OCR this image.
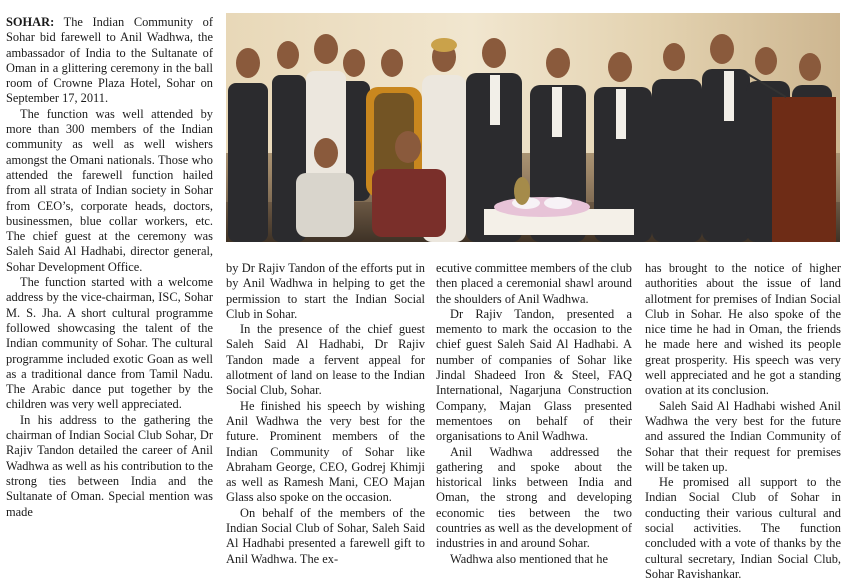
SOHAR: The Indian Community of Sohar bid farewell to Anil Wadhwa, the ambassador of India to the Sultanate of Oman in a glittering ceremony in the ball room of Crowne Plaza Hotel, Sohar on September 17, 2011.

The function was well attended by more than 300 members of the Indian community as well as well wishers amongst the Omani nationals. Those who attended the farewell function hailed from all strata of Indian society in Sohar from CEO’s, corporate heads, doctors, businessmen, blue collar workers, etc. The chief guest at the ceremony was Saleh Said Al Hadhabi, director general, Sohar Development Office.

The function started with a welcome address by the vice-chairman, ISC, Sohar M. S. Jha. A short cultural programme followed showcasing the talent of the Indian community of Sohar. The cultural programme included exotic Goan as well as a traditional dance from Tamil Nadu. The Arabic dance put together by the children was very well appreciated.

In his address to the gathering the chairman of Indian Social Club Sohar, Dr Rajiv Tandon detailed the career of Anil Wadhwa as well as his contribution to the strong ties between India and the Sultanate of Oman. Special mention was made

by Dr Rajiv Tandon of the efforts put in by Anil Wadhwa in helping to get the permission to start the Indian Social Club in Sohar.

In the presence of the chief guest Saleh Said Al Hadhabi, Dr Rajiv Tandon made a fervent appeal for allotment of land on lease to the Indian Social Club, Sohar.

He finished his speech by wishing Anil Wadhwa the very best for the future. Prominent members of the Indian Community of Sohar like Abraham George, CEO, Godrej Khimji as well as Ramesh Mani, CEO Majan Glass also spoke on the occasion.

On behalf of the members of the Indian Social Club of Sohar, Saleh Said Al Hadhabi presented a farewell gift to Anil Wadhwa. The ex-

ecutive committee members of the club then placed a ceremonial shawl around the shoulders of Anil Wadhwa.

Dr Rajiv Tandon, presented a memento to mark the occasion to the chief guest Saleh Said Al Hadhabi. A number of companies of Sohar like Jindal Shadeed Iron & Steel, FAQ International, Nagarjuna Construction Company, Majan Glass presented mementoes on behalf of their organisations to Anil Wadhwa.

Anil Wadhwa addressed the gathering and spoke about the historical links between India and Oman, the strong and developing economic ties between the two countries as well as the development of industries in and around Sohar.

Wadhwa also mentioned that he

has brought to the notice of higher authorities about the issue of land allotment for premises of Indian Social Club in Sohar. He also spoke of the nice time he had in Oman, the friends he made here and wished its people great prosperity. His speech was very well appreciated and he got a standing ovation at its conclusion.

Saleh Said Al Hadhabi wished Anil Wadhwa the very best for the future and assured the Indian Community of Sohar that their request for premises will be taken up.

He promised all support to the Indian Social Club of Sohar in conducting their various cultural and social activities. The function concluded with a vote of thanks by the cultural secretary, Indian Social Club, Sohar Ravishankar.
